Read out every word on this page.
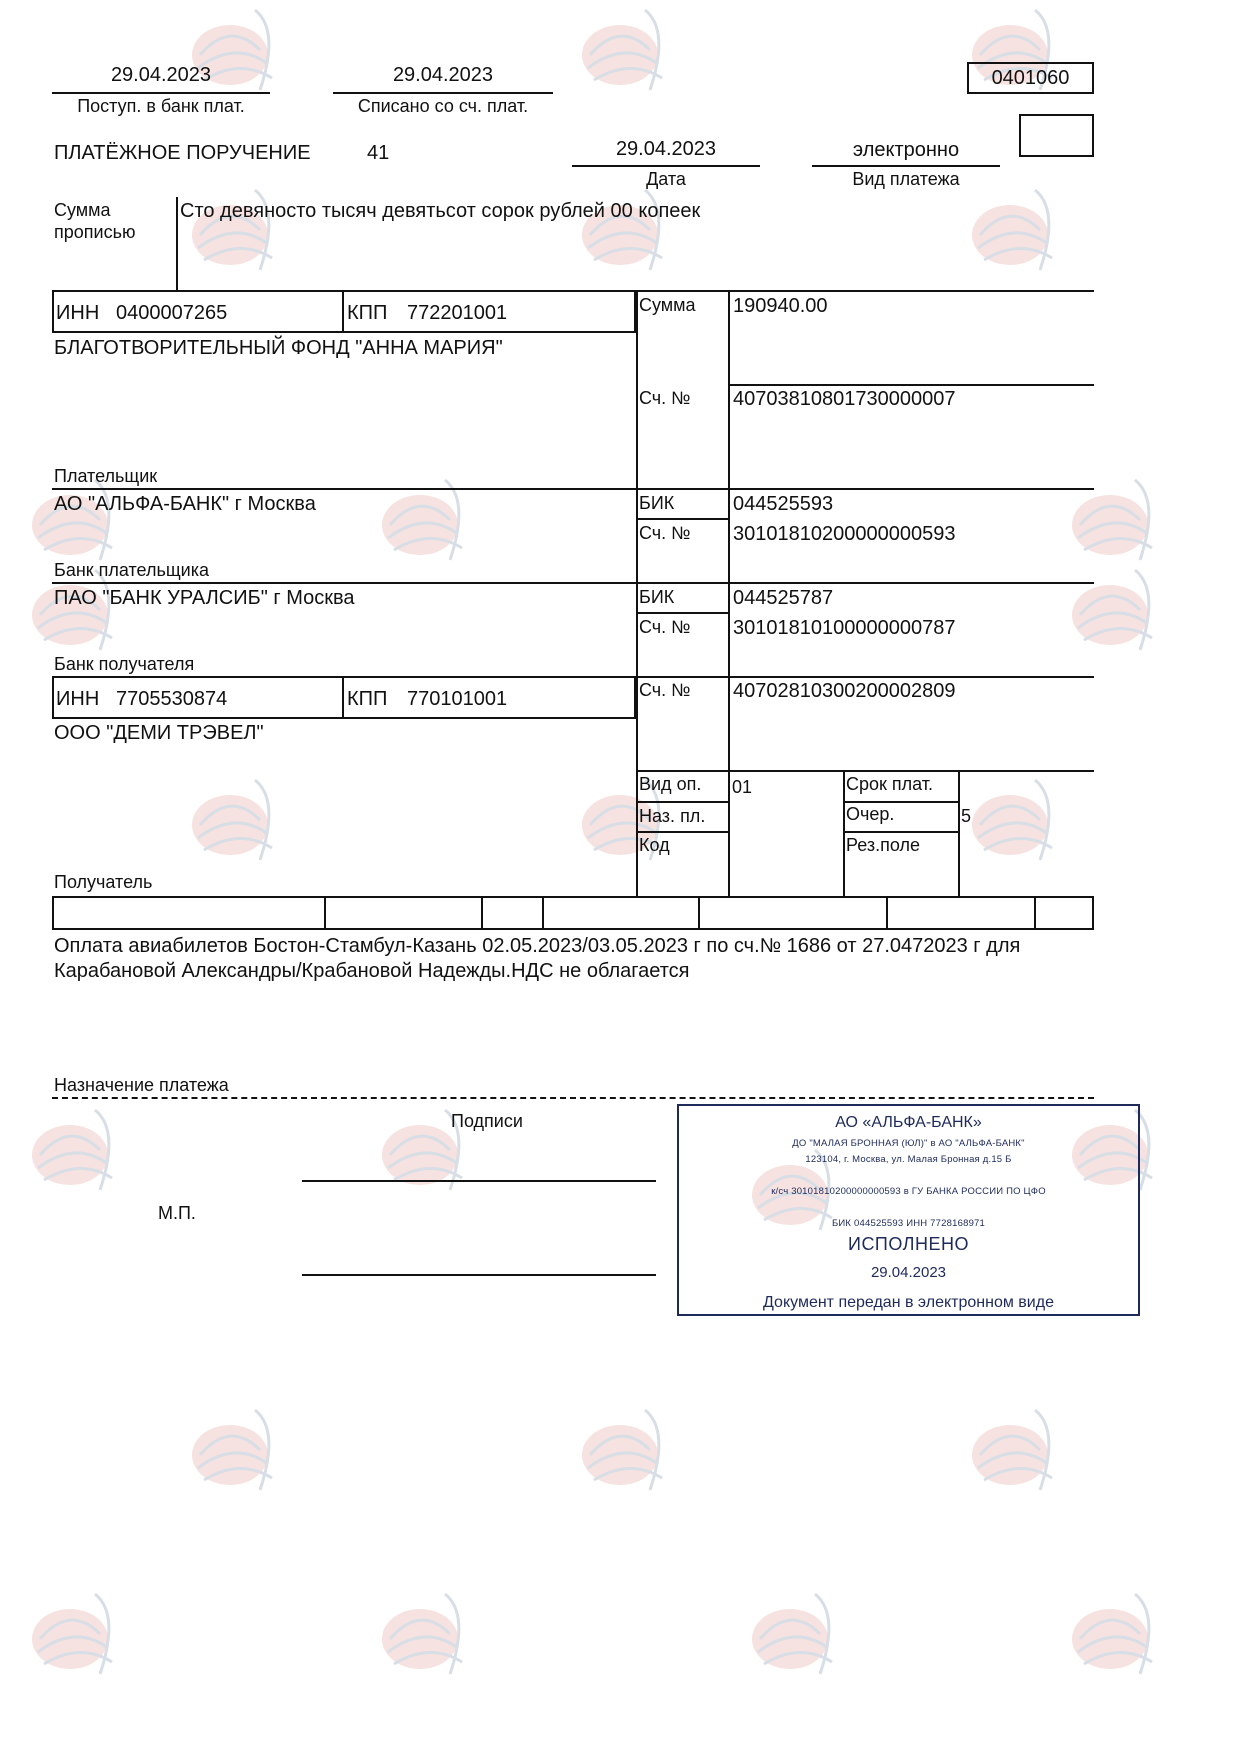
29.04.2023
Поступ. в банк плат.
29.04.2023
Списано со сч. плат.
0401060
ПЛАТЁЖНОЕ ПОРУЧЕНИЕ	41	29.04.2023
Дата
электронно
Вид платежа
Сумма
прописью
Сто девяносто тысяч девятьсот сорок рублей 00 копеек
ИНН 0400007265	КПП 772201001
БЛАГОТВОРИТЕЛЬНЫЙ ФОНД "АННА МАРИЯ"
Плательщик
Сумма 190940.00
Сч. № 40703810801730000007
АО "АЛЬФА-БАНК" г Москва
Банк плательщика
БИК	044525593
Сч. № 30101810200000000593
ПАО "БАНК УРАЛСИБ" г Москва
Банк получателя
БИК	044525787
Сч. № 30101810100000000787
ИНН 7705530874	КПП 770101001
ООО "ДЕМИ ТРЭВЕЛ"
Получатель
Сч. № 40702810300200002809
Вид оп. 01	Срок плат.
Наз. пл.	Очер.	5
Код	Рез.поле
Оплата авиабилетов Бостон-Стамбул-Казань 02.05.2023/03.05.2023 г по сч.№ 1686 от 27.0472023 г для
Карабановой Александры/Крабановой Надежды.НДС не облагается
Назначение платежа
Подписи
М.П.
АО «АЛЬФА-БАНК»
ДО "МАЛАЯ БРОННАЯ (ЮЛ)" в АО "АЛЬФА-БАНК"
123104, г. Москва, ул. Малая Бронная д.15 Б
к/сч 30101810200000000593 в ГУ БАНКА РОССИИ ПО ЦФО
БИК 044525593 ИНН 7728168971
ИСПОЛНЕНО
29.04.2023
Документ передан в электронном виде
